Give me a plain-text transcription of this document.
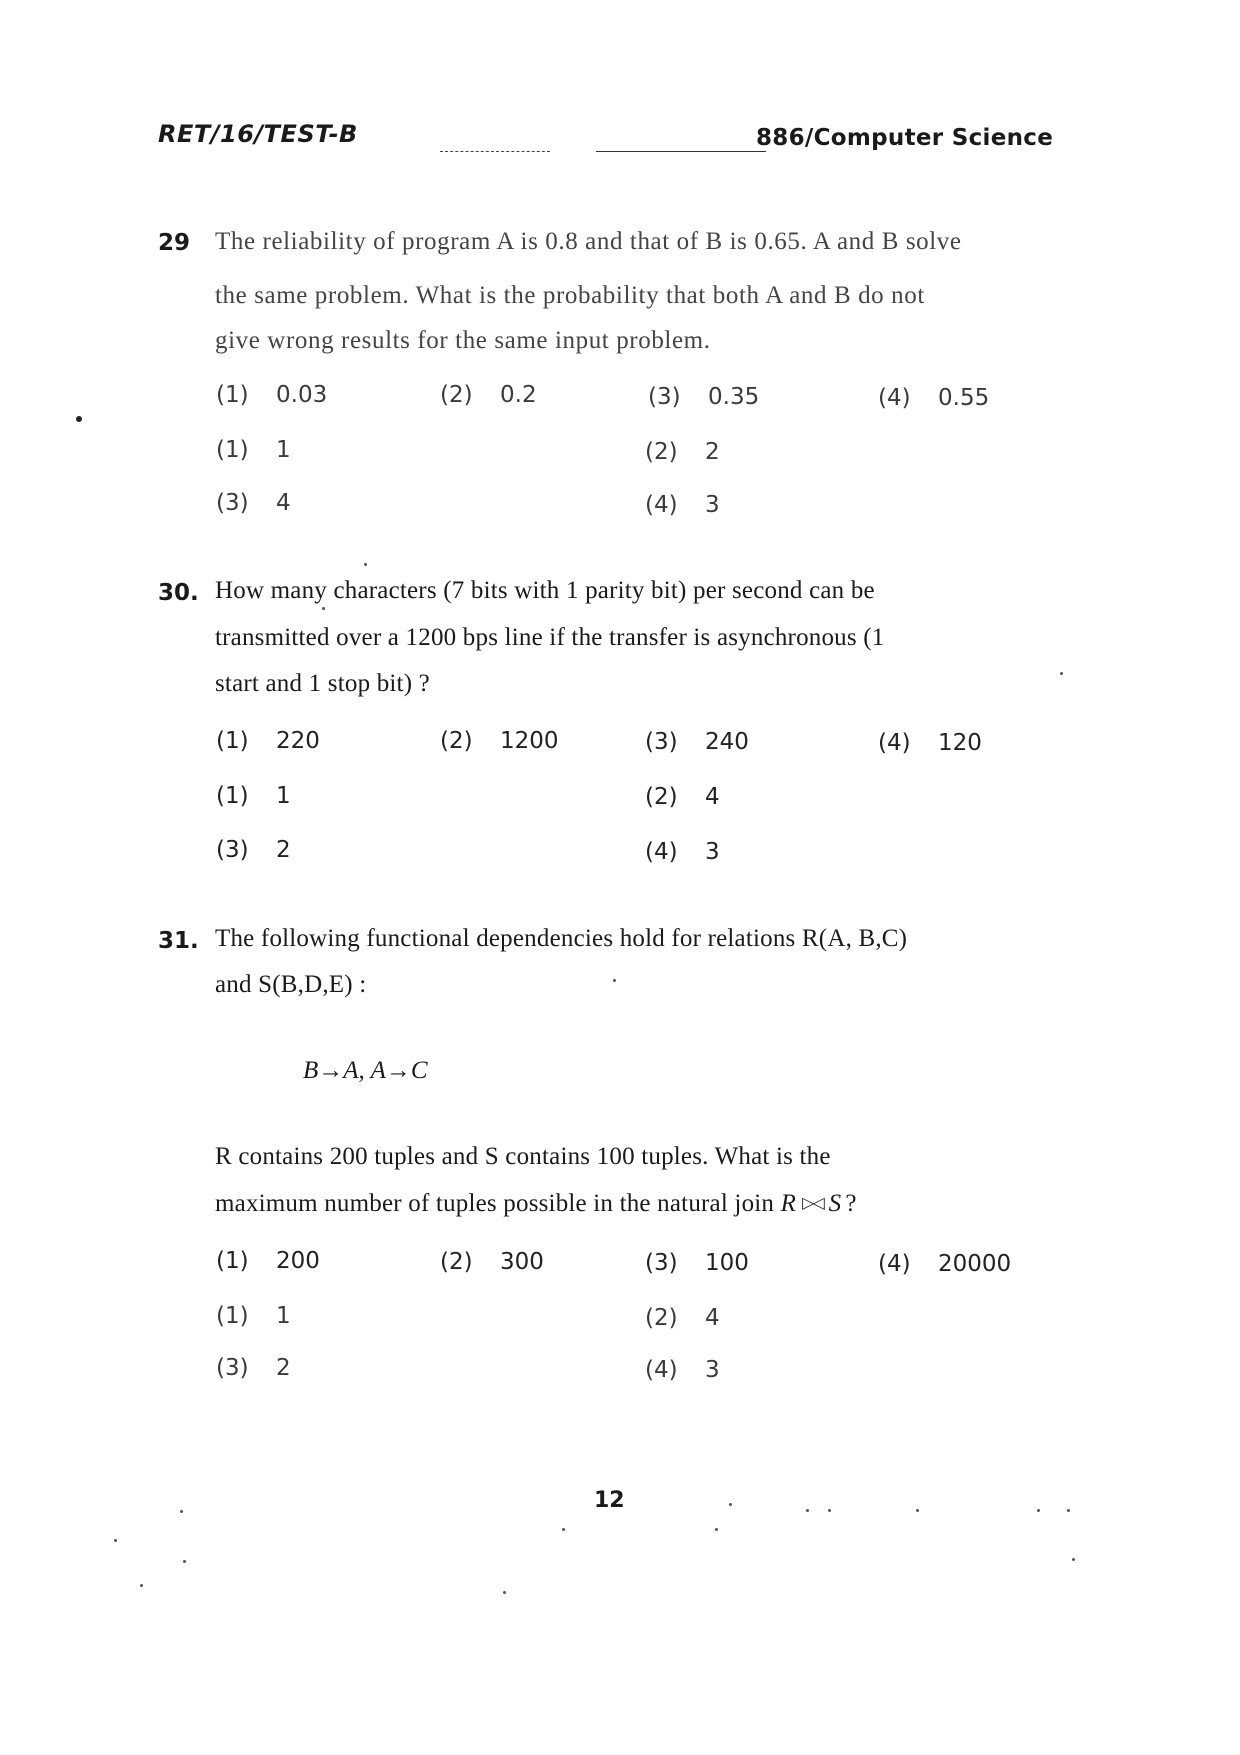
RET/16/TEST-B	886/Computer Science
29 The reliability of program A is 0.8 and that of B is 0.65. A and B solve
the same problem. What is the probability that both A and B do not
give wrong results for the same input problem.
(1) 0.03	(2) 0.2	(3) 0.35	(4) 0.55
(1) 1	(2) 2
(3) 4	(4) 3
30. How many characters (7 bits with 1 parity bit) per second can be
transmitted over a 1200 bps line if the transfer is asynchronous (1
start and 1 stop bit) ?
(1) 220	(2) 1200	(3) 240	(4) 120
(1) 1	(2) 4
(3) 2	(4) 3
31. The following functional dependencies hold for relations R(A, B,C)
and S(B,D,E) :
B→A, A→C
R contains 200 tuples and S contains 100 tuples. What is the
maximum number of tuples possible in the natural join R ▷◁ S ?
(1) 200	(2) 300	(3) 100	(4) 20000
(1) 1	(2) 4
(3) 2	(4) 3
12
